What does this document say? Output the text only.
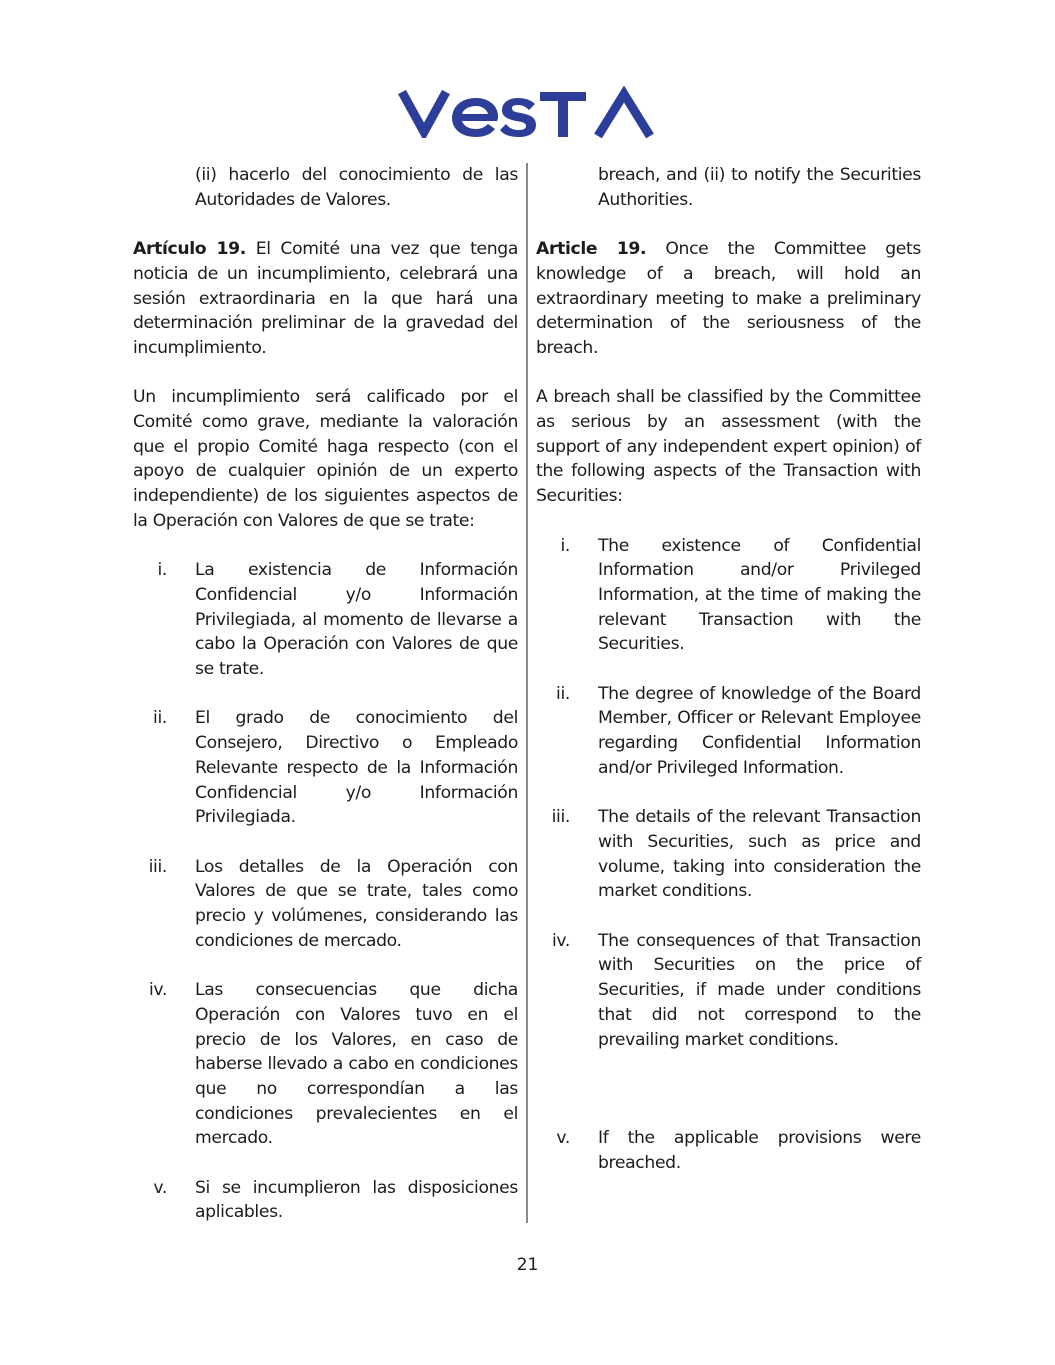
(ii) hacerlo del conocimiento de las Autoridades de Valores.

Artículo 19. El Comité una vez que tenga noticia de un incumplimiento, celebrará una sesión extraordinaria en la que hará una determinación preliminar de la gravedad del incumplimiento.

Un incumplimiento será calificado por el Comité como grave, mediante la valoración que el propio Comité haga respecto (con el apoyo de cualquier opinión de un experto independiente) de los siguientes aspectos de la Operación con Valores de que se trate:

i. La existencia de Información Confidencial y/o Información Privilegiada, al momento de llevarse a cabo la Operación con Valores de que se trate.
ii. El grado de conocimiento del Consejero, Directivo o Empleado Relevante respecto de la Información Confidencial y/o Información Privilegiada.
iii. Los detalles de la Operación con Valores de que se trate, tales como precio y volúmenes, considerando las condiciones de mercado.
iv. Las consecuencias que dicha Operación con Valores tuvo en el precio de los Valores, en caso de haberse llevado a cabo en condiciones que no correspondían a las condiciones prevalecientes en el mercado.
v. Si se incumplieron las disposiciones aplicables.

breach, and (ii) to notify the Securities Authorities.

Article 19. Once the Committee gets knowledge of a breach, will hold an extraordinary meeting to make a preliminary determination of the seriousness of the breach.

A breach shall be classified by the Committee as serious by an assessment (with the support of any independent expert opinion) of the following aspects of the Transaction with Securities:

i. The existence of Confidential Information and/or Privileged Information, at the time of making the relevant Transaction with the Securities.
ii. The degree of knowledge of the Board Member, Officer or Relevant Employee regarding Confidential Information and/or Privileged Information.
iii. The details of the relevant Transaction with Securities, such as price and volume, taking into consideration the market conditions.
iv. The consequences of that Transaction with Securities on the price of Securities, if made under conditions that did not correspond to the prevailing market conditions.
v. If the applicable provisions were breached.
21
